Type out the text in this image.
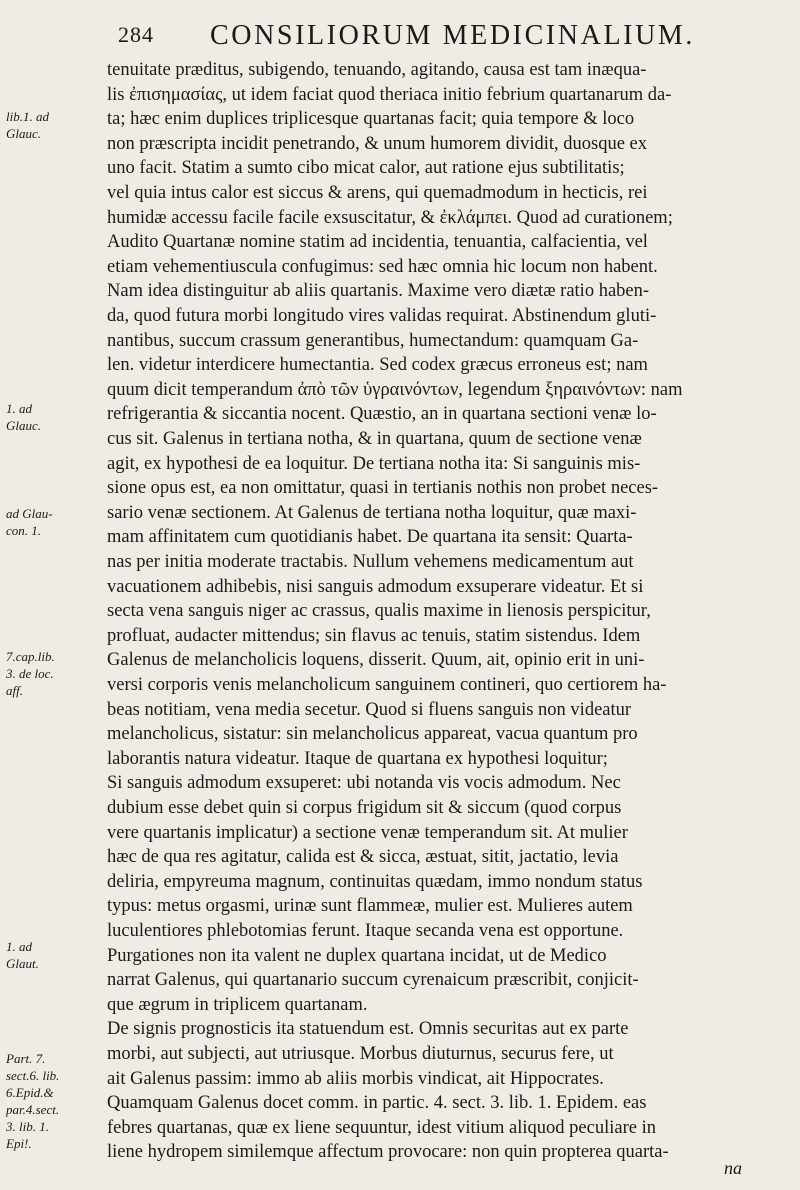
284 CONSILIORUM MEDICINALIUM.
lib.1. ad
Glauc.
1. ad
Glauc.
ad Glau-
con. 1.
7.cap.lib.
3. de loc.
aff.
1. ad
Glaut.
Part. 7.
sect.6. lib.
6.Epid.&
par.4.sect.
3. lib. 1.
Epi!.
tenuitate præditus, subigendo, tenuando, agitando, causa est tam inæqua-
lis ἐπισημασίας, ut idem faciat quod theriaca initio febrium quartanarum da-
ta; hæc enim duplices triplicesque quartanas facit; quia tempore & loco
non præscripta incidit penetrando, & unum humorem dividit, duosque ex
uno facit. Statim a sumto cibo micat calor, aut ratione ejus subtilitatis;
vel quia intus calor est siccus & arens, qui quemadmodum in hecticis, rei
humidæ accessu facile facile exsuscitatur, & ἐκλάμπει. Quod ad curationem;
Audito Quartanæ nomine statim ad incidentia, tenuantia, calfacientia, vel
etiam vehementiuscula confugimus: sed hæc omnia hic locum non habent.
Nam idea distinguitur ab aliis quartanis. Maxime vero diætæ ratio haben-
da, quod futura morbi longitudo vires validas requirat. Abstinendum gluti-
nantibus, succum crassum generantibus, humectandum: quamquam Ga-
len. videtur interdicere humectantia. Sed codex græcus erroneus est; nam
quum dicit temperandum ἀπὸ τῶν ὑγραινόντων, legendum ξηραινόντων: nam
refrigerantia & siccantia nocent. Quæstio, an in quartana sectioni venæ lo-
cus sit. Galenus in tertiana notha, & in quartana, quum de sectione venæ
agit, ex hypothesi de ea loquitur. De tertiana notha ita: Si sanguinis mis-
sione opus est, ea non omittatur, quasi in tertianis nothis non probet neces-
sario venæ sectionem. At Galenus de tertiana notha loquitur, quæ maxi-
mam affinitatem cum quotidianis habet. De quartana ita sensit: Quarta-
nas per initia moderate tractabis. Nullum vehemens medicamentum aut
vacuationem adhibebis, nisi sanguis admodum exsuperare videatur. Et si
secta vena sanguis niger ac crassus, qualis maxime in lienosis perspicitur,
profluat, audacter mittendus; sin flavus ac tenuis, statim sistendus. Idem
Galenus de melancholicis loquens, disserit. Quum, ait, opinio erit in uni-
versi corporis venis melancholicum sanguinem contineri, quo certiorem ha-
beas notitiam, vena media secetur. Quod si fluens sanguis non videatur
melancholicus, sistatur: sin melancholicus appareat, vacua quantum pro
laborantis natura videatur. Itaque de quartana ex hypothesi loquitur;
Si sanguis admodum exsuperet: ubi notanda vis vocis admodum. Nec
dubium esse debet quin si corpus frigidum sit & siccum (quod corpus
vere quartanis implicatur) a sectione venæ temperandum sit. At mulier
hæc de qua res agitatur, calida est & sicca, æstuat, sitit, jactatio, levia
deliria, empyreuma magnum, continuitas quædam, immo nondum status
typus: metus orgasmi, urinæ sunt flammeæ, mulier est. Mulieres autem
luculentiores phlebotomias ferunt. Itaque secanda vena est opportune.
Purgationes non ita valent ne duplex quartana incidat, ut de Medico
narrat Galenus, qui quartanario succum cyrenaicum præscribit, conjicit-
que ægrum in triplicem quartanam.
De signis prognosticis ita statuendum est. Omnis securitas aut ex parte
morbi, aut subjecti, aut utriusque. Morbus diuturnus, securus fere, ut
ait Galenus passim: immo ab aliis morbis vindicat, ait Hippocrates.
Quamquam Galenus docet comm. in partic. 4. sect. 3. lib. 1. Epidem. eas
febres quartanas, quæ ex liene sequuntur, idest vitium aliquod peculiare in
liene hydropem similemque affectum provocare: non quin propterea quarta-
na
